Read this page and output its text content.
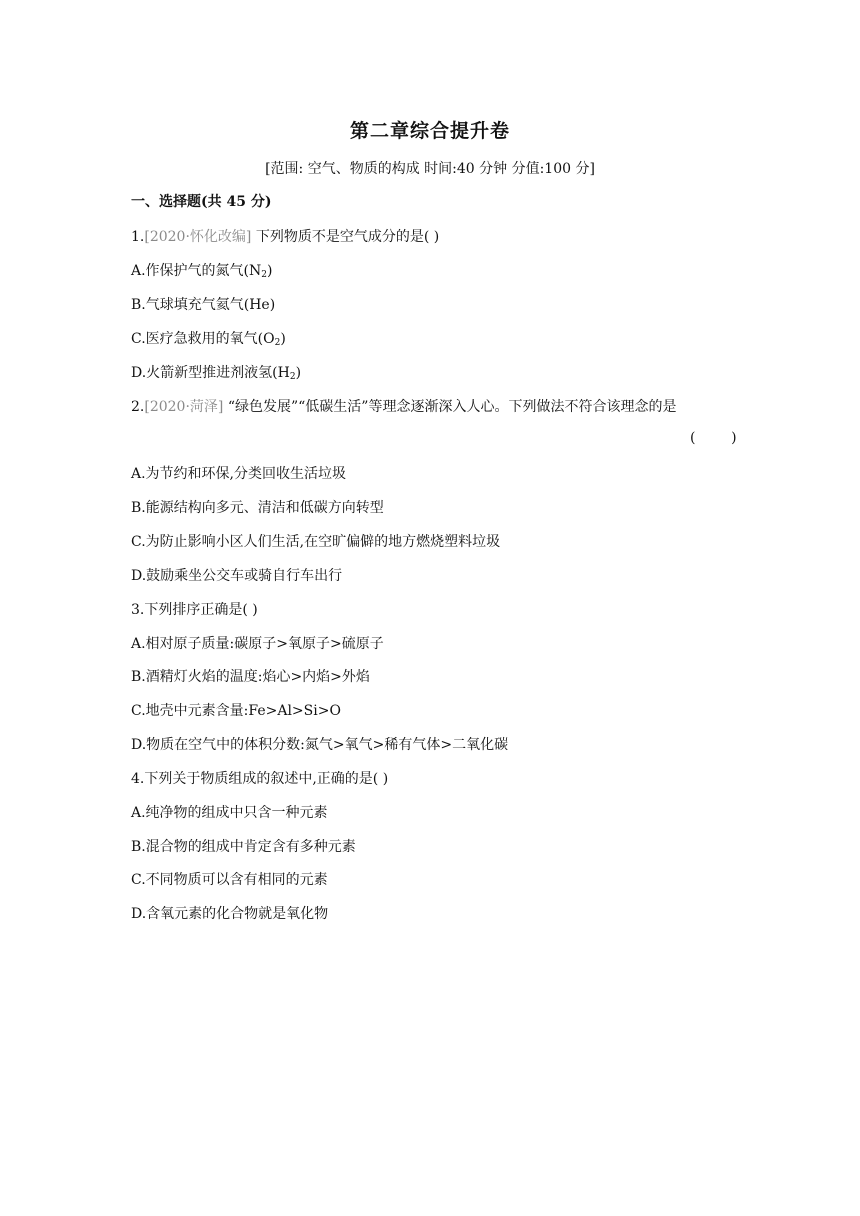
第二章综合提升卷
[范围: 空气、物质的构成 时间:40 分钟 分值:100 分]
一、选择题(共 45 分)
1.[2020·怀化改编] 下列物质不是空气成分的是( )
A.作保护气的氮气$(N_2)$
B.气球填充气氦气(He)
C.医疗急救用的氧气$(O_2)$
D.火箭新型推进剂液氢$(H_2)$
2.[2020·菏泽] “绿色发展”“低碳生活”等理念逐渐深入人心。下列做法不符合该理念的是
(        )
A.为节约和环保,分类回收生活垃圾
B.能源结构向多元、清洁和低碳方向转型
C.为防止影响小区人们生活,在空旷偏僻的地方燃烧塑料垃圾
D.鼓励乘坐公交车或骑自行车出行
3.下列排序正确是( )
A.相对原子质量:碳原子>氧原子>硫原子
B.酒精灯火焰的温度:焰心>内焰>外焰
C.地壳中元素含量:Fe>Al>Si>O
D.物质在空气中的体积分数:氮气>氧气>稀有气体>二氧化碳
4.下列关于物质组成的叙述中,正确的是( )
A.纯净物的组成中只含一种元素
B.混合物的组成中肯定含有多种元素
C.不同物质可以含有相同的元素
D.含氧元素的化合物就是氧化物
